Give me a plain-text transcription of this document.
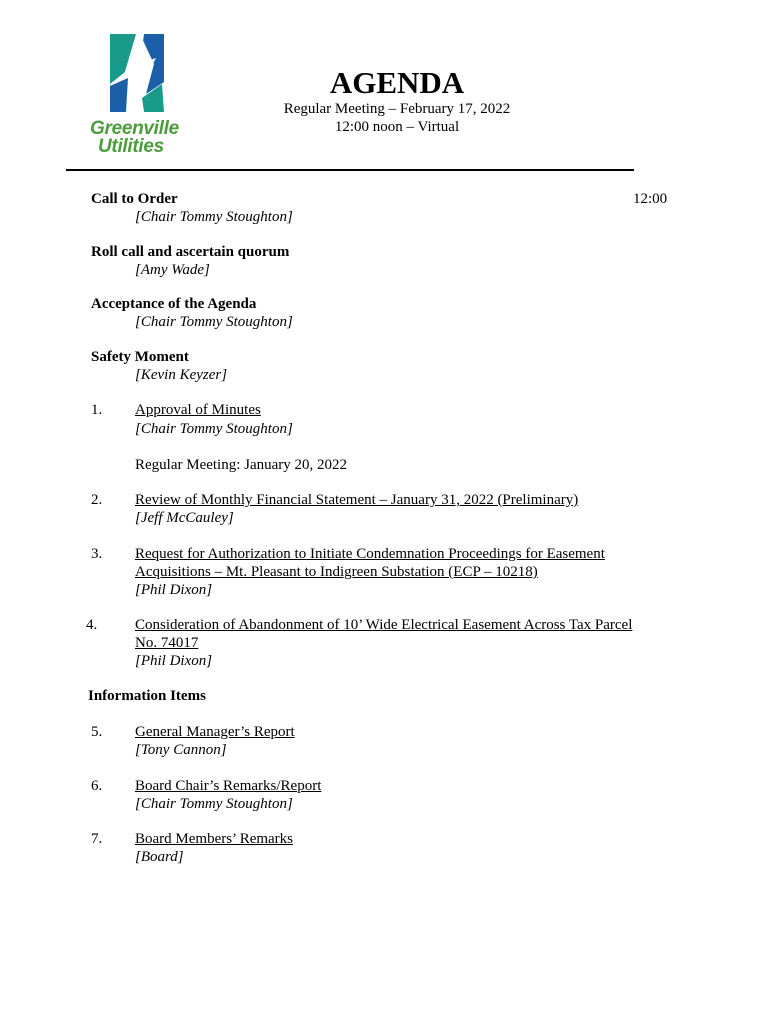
Greenville
Utilities
AGENDA
Regular Meeting – February 17, 2022
12:00 noon – Virtual
Call to Order	12:00
[Chair Tommy Stoughton]
Roll call and ascertain quorum
[Amy Wade]
Acceptance of the Agenda
[Chair Tommy Stoughton]
Safety Moment
[Kevin Keyzer]
1. Approval of Minutes
[Chair Tommy Stoughton]
Regular Meeting: January 20, 2022
2. Review of Monthly Financial Statement – January 31, 2022 (Preliminary)
[Jeff McCauley]
3. Request for Authorization to Initiate Condemnation Proceedings for Easement
Acquisitions – Mt. Pleasant to Indigreen Substation (ECP – 10218)
[Phil Dixon]
4.	Consideration of Abandonment of 10’ Wide Electrical Easement Across Tax Parcel
No. 74017
[Phil Dixon]
Information Items
5. General Manager’s Report
[Tony Cannon]
6. Board Chair’s Remarks/Report
[Chair Tommy Stoughton]
7. Board Members’ Remarks
[Board]
